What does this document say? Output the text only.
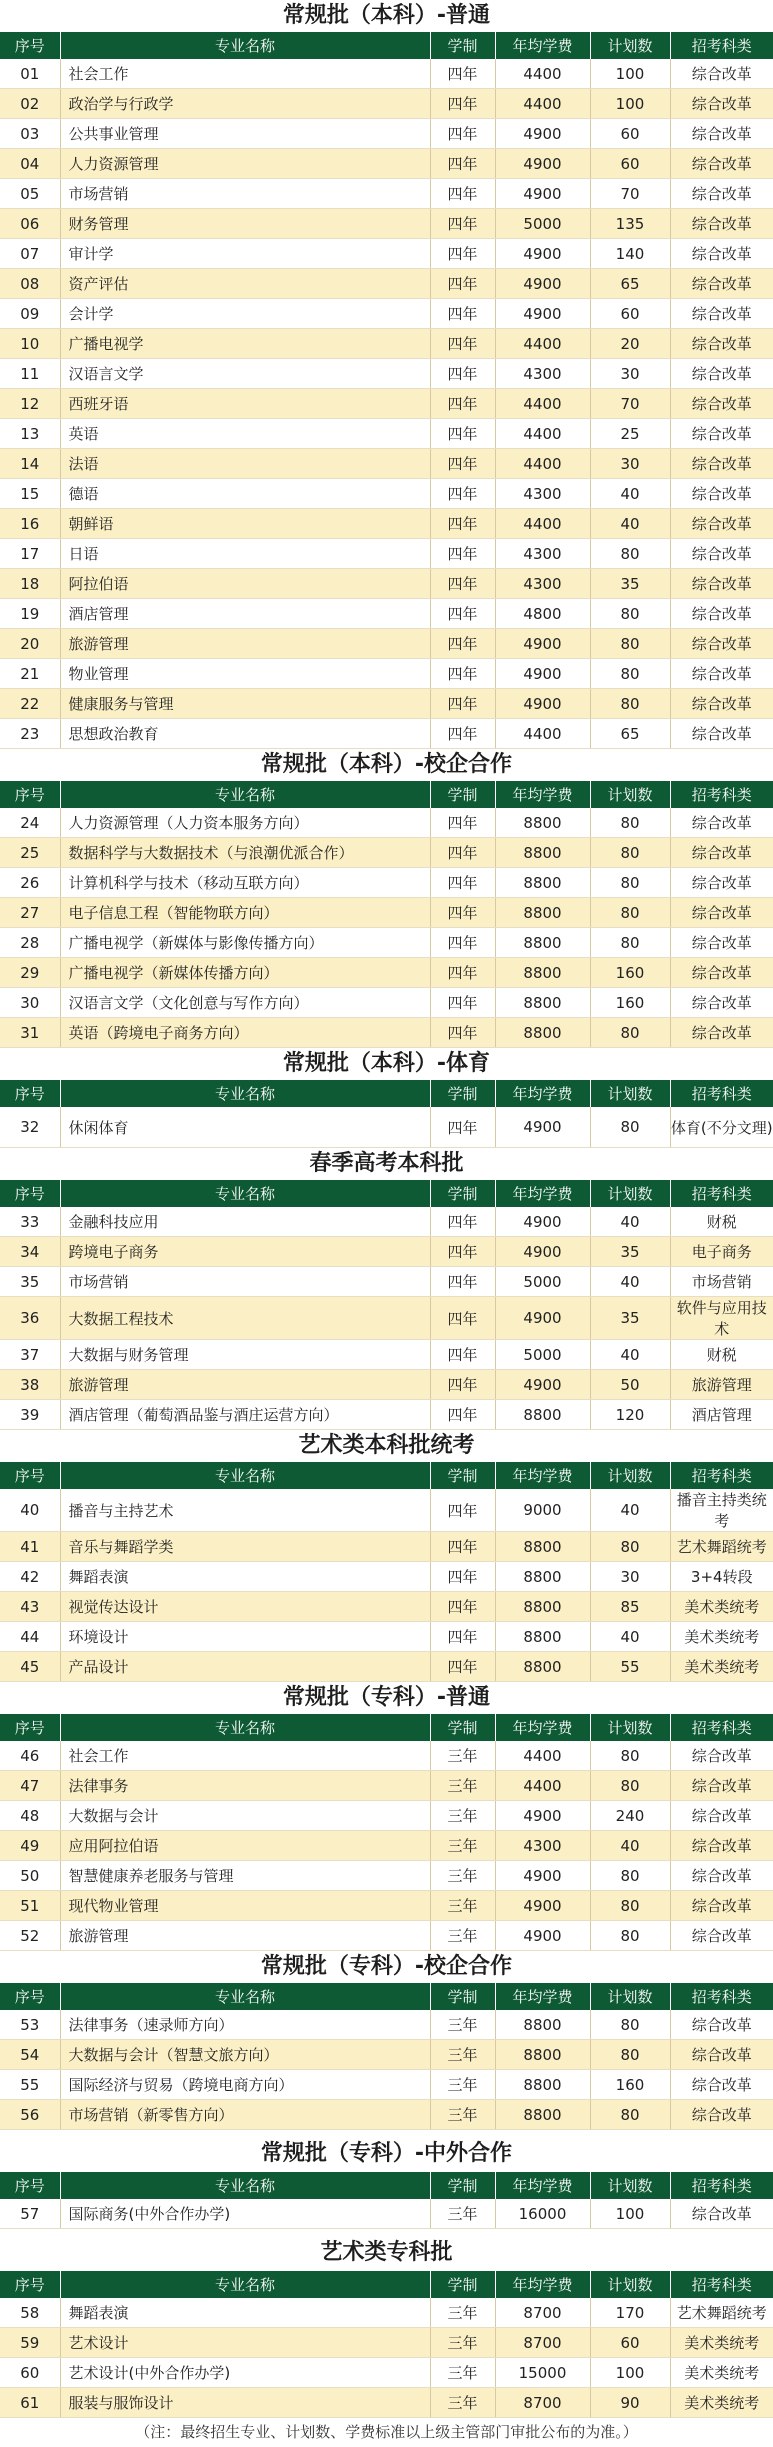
常规批（本科）-普通
序号	专业名称	学制	年均学费	计划数	招考科类
01	社会工作	四年	4400	100	综合改革
02	政治学与行政学	四年	4400	100	综合改革
03	公共事业管理	四年	4900	60	综合改革
04	人力资源管理	四年	4900	60	综合改革
05	市场营销	四年	4900	70	综合改革
06	财务管理	四年	5000	135	综合改革
07	审计学	四年	4900	140	综合改革
08	资产评估	四年	4900	65	综合改革
09	会计学	四年	4900	60	综合改革
10	广播电视学	四年	4400	20	综合改革
11	汉语言文学	四年	4300	30	综合改革
12	西班牙语	四年	4400	70	综合改革
13	英语	四年	4400	25	综合改革
14	法语	四年	4400	30	综合改革
15	德语	四年	4300	40	综合改革
16	朝鲜语	四年	4400	40	综合改革
17	日语	四年	4300	80	综合改革
18	阿拉伯语	四年	4300	35	综合改革
19	酒店管理	四年	4800	80	综合改革
20	旅游管理	四年	4900	80	综合改革
21	物业管理	四年	4900	80	综合改革
22	健康服务与管理	四年	4900	80	综合改革
23	思想政治教育	四年	4400	65	综合改革
常规批（本科）-校企合作
序号	专业名称	学制	年均学费	计划数	招考科类
24	人力资源管理（人力资本服务方向）	四年	8800	80	综合改革
25	数据科学与大数据技术（与浪潮优派合作）	四年	8800	80	综合改革
26	计算机科学与技术（移动互联方向）	四年	8800	80	综合改革
27	电子信息工程（智能物联方向）	四年	8800	80	综合改革
28	广播电视学（新媒体与影像传播方向）	四年	8800	80	综合改革
29	广播电视学（新媒体传播方向）	四年	8800	160	综合改革
30	汉语言文学（文化创意与写作方向）	四年	8800	160	综合改革
31	英语（跨境电子商务方向）	四年	8800	80	综合改革
常规批（本科）-体育
序号	专业名称	学制	年均学费	计划数	招考科类
32	休闲体育	四年	4900	80	体育(不分文理)
春季高考本科批
序号	专业名称	学制	年均学费	计划数	招考科类
33	金融科技应用	四年	4900	40	财税
34	跨境电子商务	四年	4900	35	电子商务
35	市场营销	四年	5000	40	市场营销
36	大数据工程技术	四年	4900	35	软件与应用技术
37	大数据与财务管理	四年	5000	40	财税
38	旅游管理	四年	4900	50	旅游管理
39	酒店管理（葡萄酒品鉴与酒庄运营方向）	四年	8800	120	酒店管理
艺术类本科批统考
序号	专业名称	学制	年均学费	计划数	招考科类
40	播音与主持艺术	四年	9000	40	播音主持类统考
41	音乐与舞蹈学类	四年	8800	80	艺术舞蹈统考
42	舞蹈表演	四年	8800	30	3+4转段
43	视觉传达设计	四年	8800	85	美术类统考
44	环境设计	四年	8800	40	美术类统考
45	产品设计	四年	8800	55	美术类统考
常规批（专科）-普通
序号	专业名称	学制	年均学费	计划数	招考科类
46	社会工作	三年	4400	80	综合改革
47	法律事务	三年	4400	80	综合改革
48	大数据与会计	三年	4900	240	综合改革
49	应用阿拉伯语	三年	4300	40	综合改革
50	智慧健康养老服务与管理	三年	4900	80	综合改革
51	现代物业管理	三年	4900	80	综合改革
52	旅游管理	三年	4900	80	综合改革
常规批（专科）-校企合作
序号	专业名称	学制	年均学费	计划数	招考科类
53	法律事务（速录师方向）	三年	8800	80	综合改革
54	大数据与会计（智慧文旅方向）	三年	8800	80	综合改革
55	国际经济与贸易（跨境电商方向）	三年	8800	160	综合改革
56	市场营销（新零售方向）	三年	8800	80	综合改革
常规批（专科）-中外合作
序号	专业名称	学制	年均学费	计划数	招考科类
57	国际商务(中外合作办学)	三年	16000	100	综合改革
艺术类专科批
序号	专业名称	学制	年均学费	计划数	招考科类
58	舞蹈表演	三年	8700	170	艺术舞蹈统考
59	艺术设计	三年	8700	60	美术类统考
60	艺术设计(中外合作办学)	三年	15000	100	美术类统考
61	服装与服饰设计	三年	8700	90	美术类统考
（注：最终招生专业、计划数、学费标准以上级主管部门审批公布的为准。）
